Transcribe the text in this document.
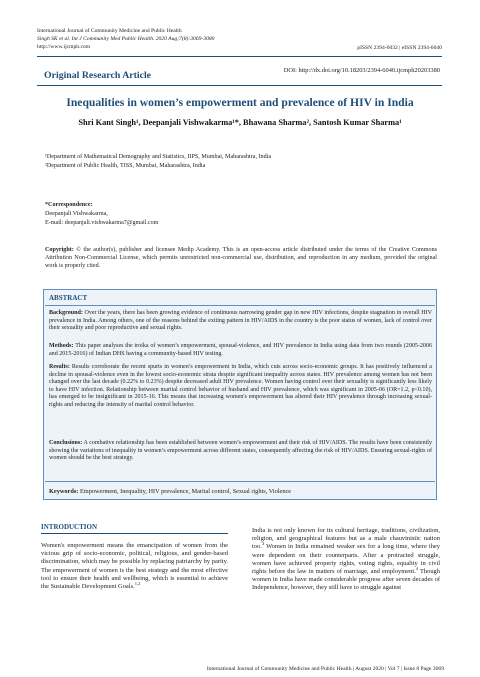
International Journal of Community Medicine and Public Health
Singh SK et al. Int J Community Med Public Health. 2020 Aug;7(8):3069-3080
http://www.ijcmph.com	pISSN 2394-6032 | eISSN 2394-6040
Original Research Article	DOI: http://dx.doi.org/10.18203/2394-6040.ijcmph20203380
Inequalities in women’s empowerment and prevalence of HIV in India
Shri Kant Singh¹, Deepanjali Vishwakarma¹*, Bhawana Sharma², Santosh Kumar Sharma¹
¹Department of Mathematical Demography and Statistics, IIPS, Mumbai, Maharashtra, India
²Department of Public Health, TISS, Mumbai, Maharashtra, India
*Correspondence:
Deepanjali Vishwakarma,
E-mail: deepanjali.vishwakarma7@gmail.com
Copyright: © the author(s), publisher and licensee Medip Academy. This is an open-access article distributed under the terms of the Creative Commons Attribution Non-Commercial License, which permits unrestricted non-commercial use, distribution, and reproduction in any medium, provided the original work is properly cited.
ABSTRACT
Background: Over the years, there has been growing evidence of continuous narrowing gender gap in new HIV infections, despite stagnation in overall HIV prevalence in India. Among others, one of the reasons behind the exiting pattern in HIV/AIDS in the country is the poor status of women, lack of control over their sexuality and poor reproductive and sexual rights.
Methods: This paper analyses the troika of women’s empowerment, spousal-violence, and HIV prevalence in India using data from two rounds (2005-2006 and 2015-2016) of Indian DHS having a community-based HIV testing.
Results: Results corroborate the recent spurts in women’s empowerment in India, which cuts across socio-economic groups. It has positively influenced a decline in spousal-violence even in the lowest socio-economic strata despite significant inequality across states. HIV prevalence among women has not been changed over the last decade (0.22% to 0.23%) despite decreased adult HIV prevalence. Women having control over their sexuality is significantly less likely to have HIV infection. Relationship between marital control behavior of husband and HIV prevalence, which was significant in 2005-06 (OR=1.2, p<0.10), has emerged to be insignificant in 2015-16. This means that increasing women's empowerment has altered their HIV prevalence through increasing sexual-rights and reducing the intensity of marital control behavior.
Conclusions: A combative relationship has been established between women’s empowerment and their risk of HIV/AIDS. The results have been consistently showing the variations of inequality in women’s empowerment across different states, consequently affecting the risk of HIV/AIDS. Ensuring sexual-rights of women should be the best strategy.
Keywords: Empowerment, Inequality, HIV prevalence, Marital control, Sexual rights, Violence
INTRODUCTION
Women's empowerment means the emancipation of women from the vicious grip of socio-economic, political, religious, and gender-based discrimination, which may be possible by replacing patriarchy by parity. The empowerment of women is the best strategy and the most effective tool to ensure their health and wellbeing, which is essential to achieve the Sustainable Development Goals.$^{1,2}$
India is not only known for its cultural heritage, traditions, civilization, religion, and geographical features but as a male chauvinistic nation too.$^3$ Women in India remained weaker sex for a long time, where they were dependent on their counterparts. After a protracted struggle, women have achieved property rights, voting rights, equality in civil rights before the law in matters of marriage, and employment.$^4$ Though women in India have made considerable progress after seven decades of Independence, however, they still have to struggle against
International Journal of Community Medicine and Public Health | August 2020 | Vol 7 | Issue 8 Page 3069
